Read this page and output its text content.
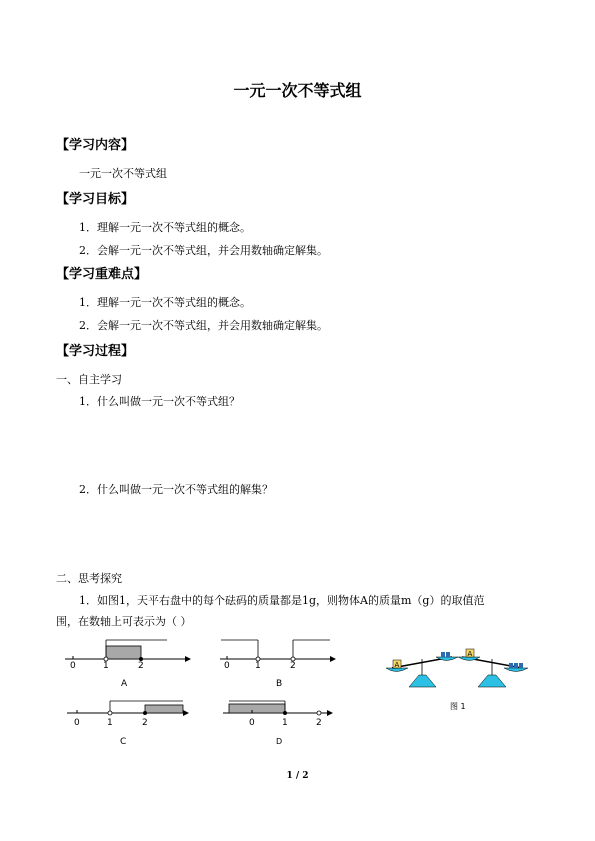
一元一次不等式组
【学习内容】
一元一次不等式组
【学习目标】
1．理解一元一次不等式组的概念。
2．会解一元一次不等式组，并会用数轴确定解集。
【学习重难点】
1．理解一元一次不等式组的概念。
2．会解一元一次不等式组，并会用数轴确定解集。
【学习过程】
一、自主学习
1．什么叫做一元一次不等式组？
2．什么叫做一元一次不等式组的解集？
二、思考探究
1．如图1，天平右盘中的每个砝码的质量都是1g，则物体A的质量m（g）的取值范
围，在数轴上可表示为（ ）
0	1	2
A
0	1	2
B
0	1	2
C
0	1	2
D
A
A
图 1
1 / 2
